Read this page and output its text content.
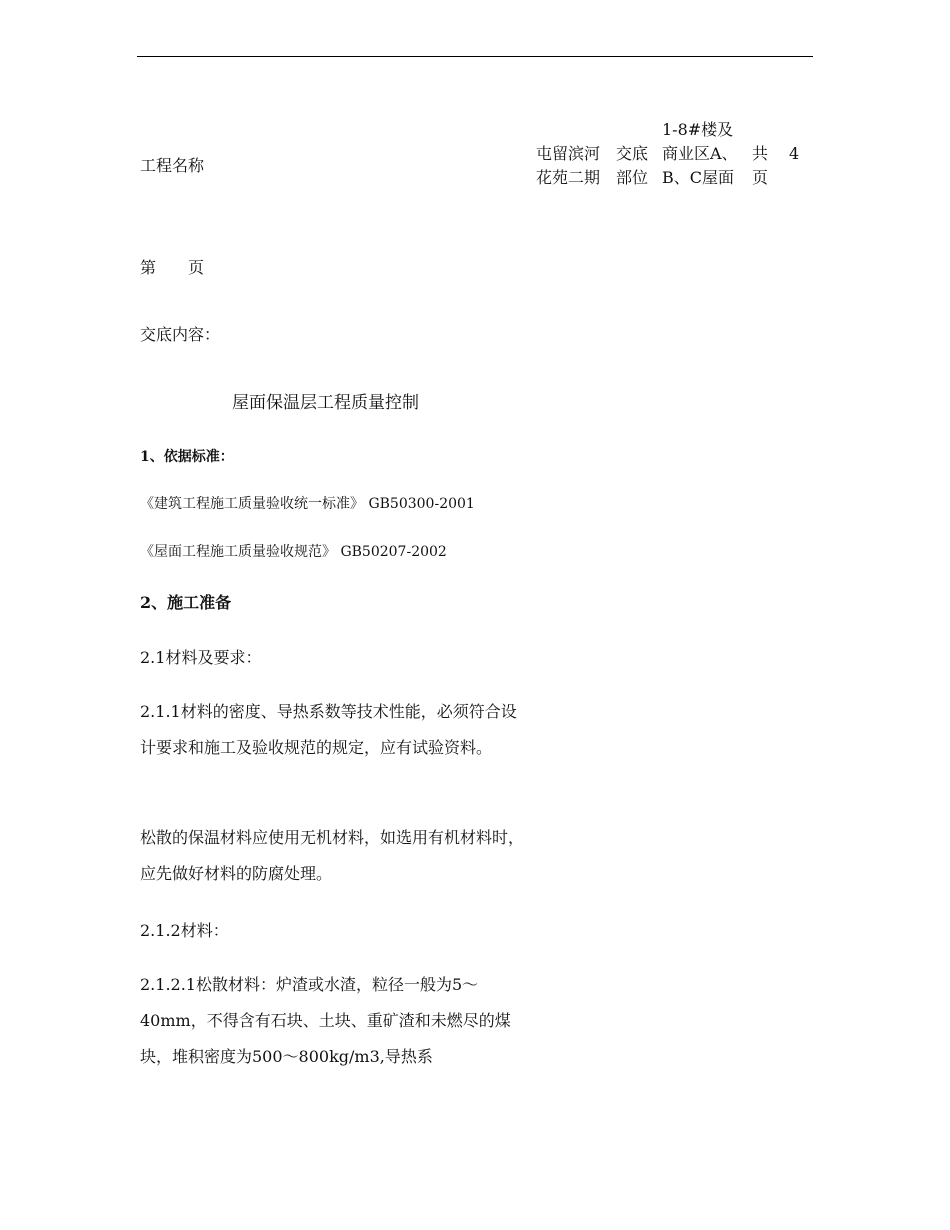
工程名称
屯留滨河花苑二期
交底部位
1-8#楼及商业区A、B、C屋面
共页
4
第　　页
交底内容：
屋面保温层工程质量控制
1、依据标准：
《建筑工程施工质量验收统一标准》 GB50300-2001
《屋面工程施工质量验收规范》 GB50207-2002
2、施工准备
2.1材料及要求：
2.1.1材料的密度、导热系数等技术性能，必须符合设计要求和施工及验收规范的规定，应有试验资料。
松散的保温材料应使用无机材料，如选用有机材料时，应先做好材料的防腐处理。
2.1.2材料：
2.1.2.1松散材料：炉渣或水渣，粒径一般为5～40mm，不得含有石块、土块、重矿渣和未燃尽的煤块，堆积密度为500～800kg/m3,导热系
